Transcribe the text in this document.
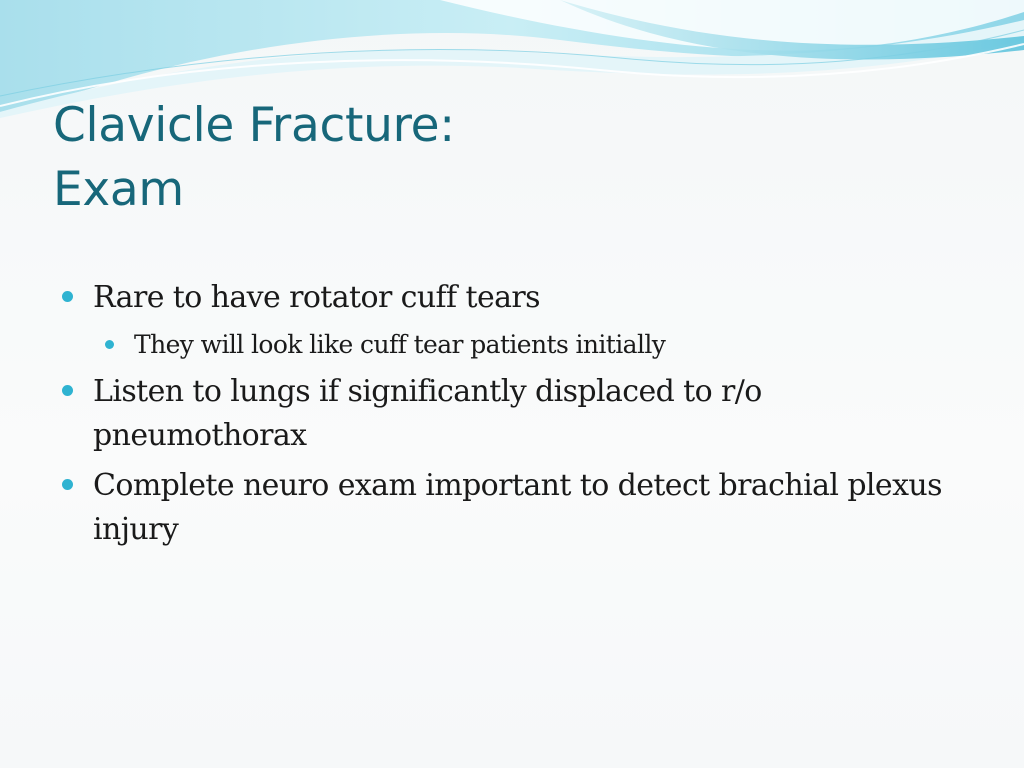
Clavicle Fracture:
Exam
Rare to have rotator cuff tears
They will look like cuff tear patients initially
Listen to lungs if significantly displaced to r/o pneumothorax
Complete neuro exam important to detect brachial plexus injury
